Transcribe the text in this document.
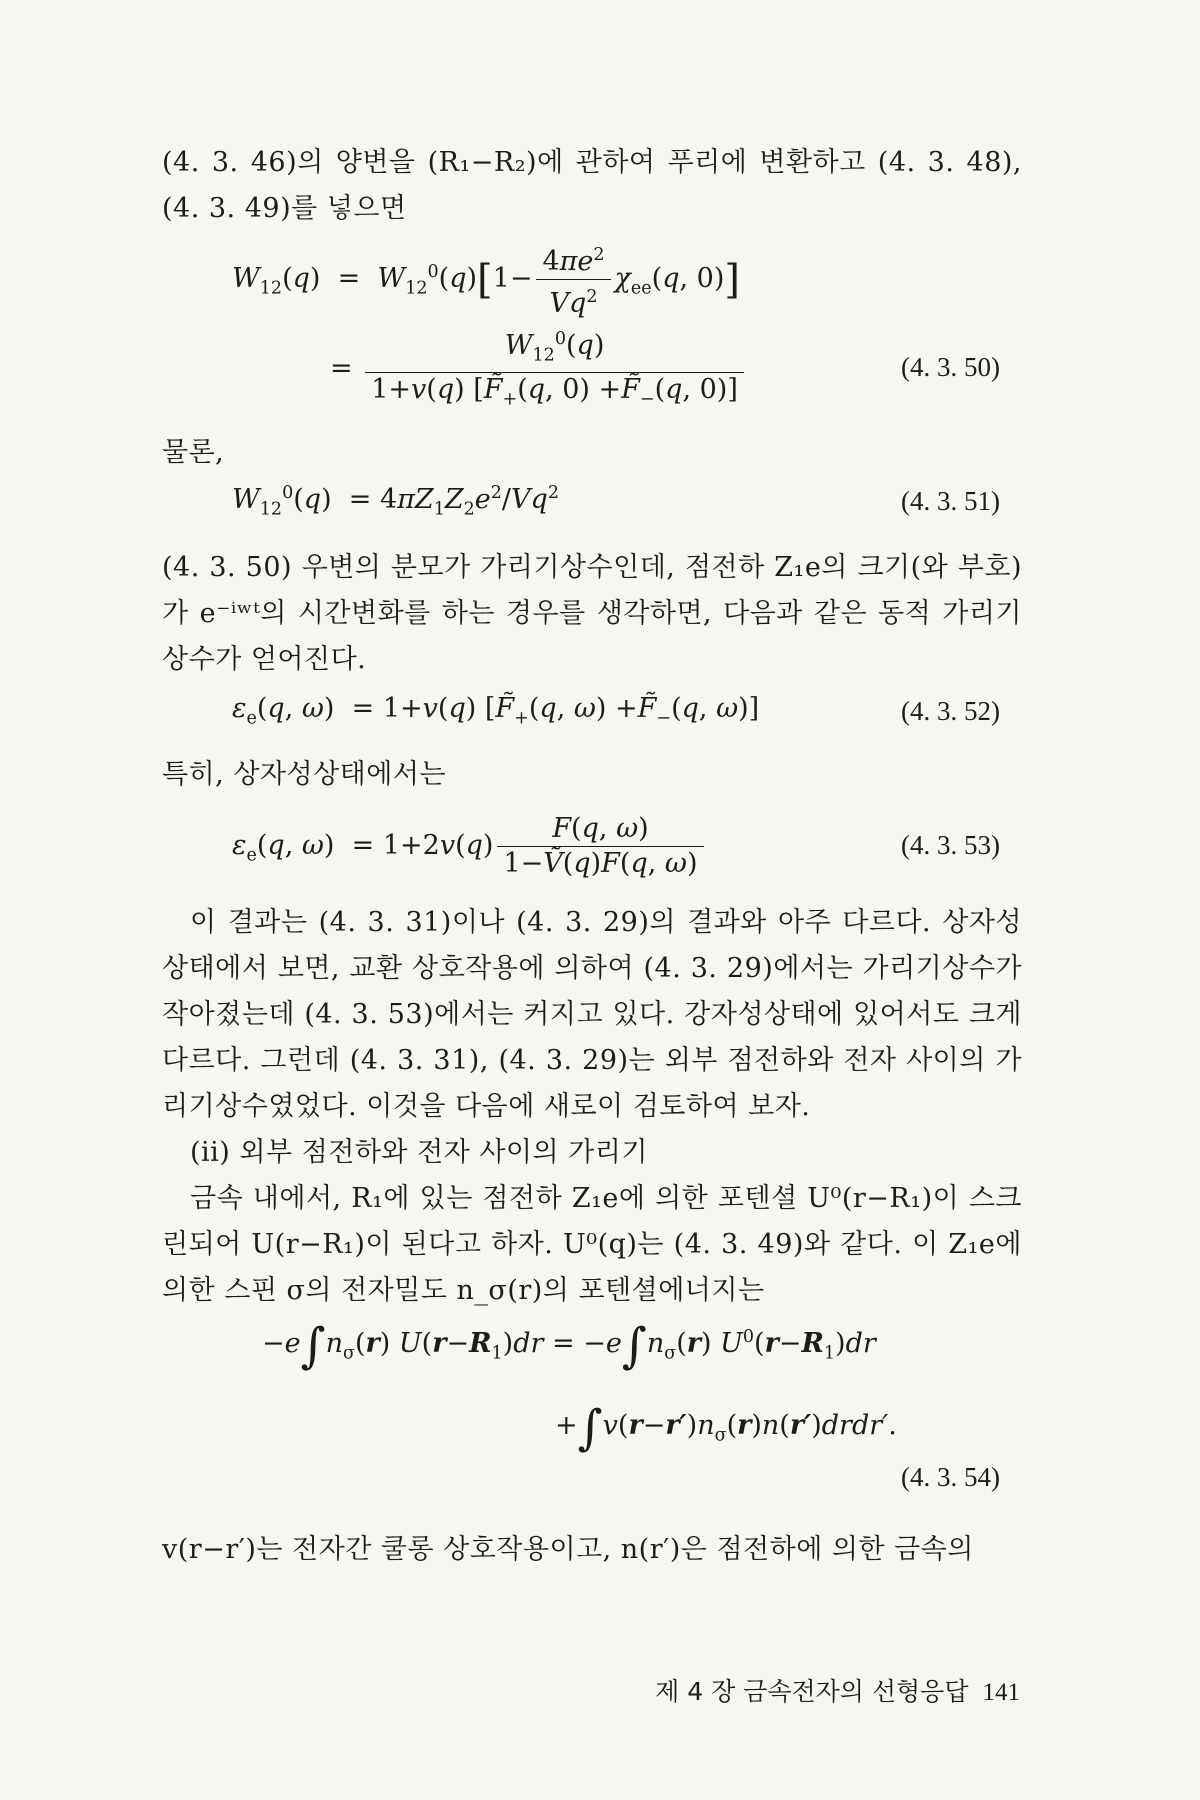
(4. 3. 46)의 양변을 (R₁−R₂)에 관하여 푸리에 변환하고 (4. 3. 48), (4. 3. 49)를 넣으면
$W_{12}(q) = W_{12}^0(q)[1- \frac{4\pi e^2}{Vq^2} \chi_{ee}(q$, 0)]
= $\frac{W_{12}^0(q)}{1+v(q) [F̃_+(q, 0) +F̃_-(q, 0)]}$	(4. 3. 50)
물론,
$W_{12}^0(q) = 4\pi Z_1Z_2e^2/Vq^2$	(4. 3. 51)
(4. 3. 50) 우변의 분모가 가리기상수인데, 점전하 Z₁e의 크기(와 부호)가 e⁻ⁱʷᵗ의 시간변화를 하는 경우를 생각하면, 다음과 같은 동적 가리기 상수가 얻어진다.
$\varepsilon_e(q$, ω)  = 1+v(q) [$F̃_+(q$, $\omega) +F̃_-(q$, ω)]	(4. 3. 52)
특히, 상자성상태에서는
$\varepsilon_e(q$, $\omega) = 1+2v(q) \frac{F(q, \omega)}{\text{1−Ṽ(q)F(q, ω)}}$	(4. 3. 53)
이 결과는 (4. 3. 31)이나 (4. 3. 29)의 결과와 아주 다르다. 상자성상태에서 보면, 교환 상호작용에 의하여 (4. 3. 29)에서는 가리기상수가 작아졌는데 (4. 3. 53)에서는 커지고 있다. 강자성상태에 있어서도 크게 다르다. 그런데 (4. 3. 31), (4. 3. 29)는 외부 점전하와 전자 사이의 가리기상수였었다. 이것을 다음에 새로이 검토하여 보자.
(ii) 외부 점전하와 전자 사이의 가리기
금속 내에서, R₁에 있는 점전하 Z₁e에 의한 포텐셜 U⁰(r−R₁)이 스크린되어 U(r−R₁)이 된다고 하자. U⁰(q)는 (4. 3. 49)와 같다. 이 Z₁e에 의한 스핀 σ의 전자밀도 n_σ(r)의 포텐셜에너지는
$-e\int n_\sigma(r) U(r-R_1)dr = -e\int n_\sigma(r)$ $U^0(r-R_1)dr$
$+\int v(r-r')n_\sigma(r)n(r')drdr'$.
(4. 3. 54)
v(r−r′)는 전자간 쿨롱 상호작용이고, n(r′)은 점전하에 의한 금속의
제 4 장 금속전자의 선형응답 141
